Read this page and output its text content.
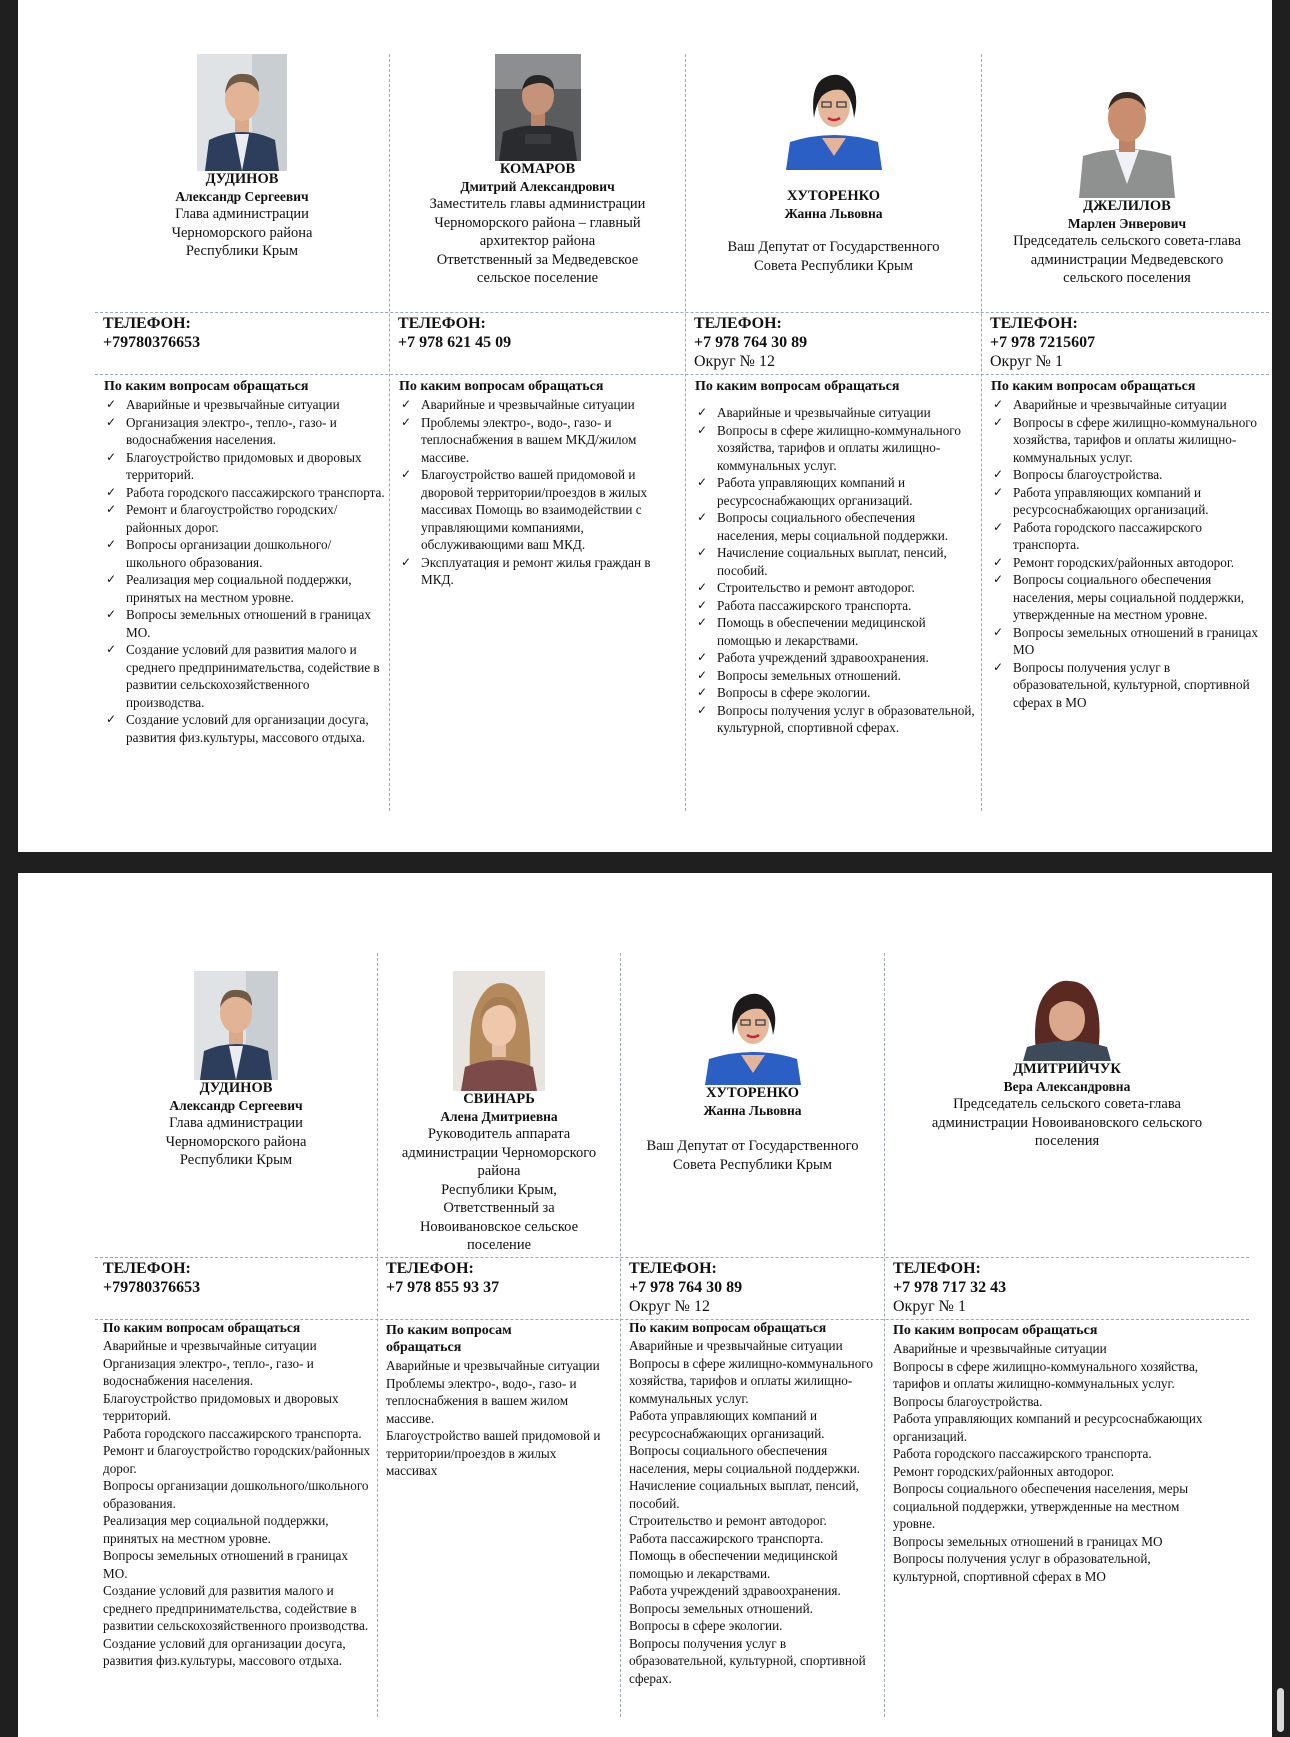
ДУДИНОВ
Александр Сергеевич
Глава администрации
Черноморского района
Республики Крым
ТЕЛЕФОН:
+79780376653
По каким вопросам обращаться
✓ Аварийные и чрезвычайные ситуации
✓ Организация электро-, тепло-, газо- и водоснабжения населения.
✓ Благоустройство придомовых и дворовых территорий.
✓ Работа городского пассажирского транспорта.
✓ Ремонт и благоустройство городских/районных дорог.
✓ Вопросы организации дошкольного/школьного образования.
✓ Реализация мер социальной поддержки, принятых на местном уровне.
✓ Вопросы земельных отношений в границах МО.
✓ Создание условий для развития малого и среднего предпринимательства, содействие в развитии сельскохозяйственного производства.
✓ Создание условий для организации досуга, развития физ.культуры, массового отдыха.
КОМАРОВ
Дмитрий Александрович
Заместитель главы администрации
Черноморского района – главный
архитектор района
Ответственный за Медведевское
сельское поселение
ТЕЛЕФОН:
+7 978 621 45 09
По каким вопросам обращаться
✓ Аварийные и чрезвычайные ситуации
✓ Проблемы электро-, водо-, газо- и теплоснабжения в вашем МКД/жилом массиве.
✓ Благоустройство вашей придомовой и дворовой территории/проездов в жилых массивах Помощь во взаимодействии с управляющими компаниями, обслуживающими ваш МКД.
✓ Эксплуатация и ремонт жилья граждан в МКД.
ХУТОРЕНКО
Жанна Львовна
Ваш Депутат от Государственного
Совета Республики Крым
ТЕЛЕФОН:
+7 978 764 30 89
Округ № 12
По каким вопросам обращаться
✓ Аварийные и чрезвычайные ситуации
✓ Вопросы в сфере жилищно-коммунального хозяйства, тарифов и оплаты жилищно-коммунальных услуг.
✓ Работа управляющих компаний и ресурсоснабжающих организаций.
✓ Вопросы социального обеспечения населения, меры социальной поддержки.
✓ Начисление социальных выплат, пенсий, пособий.
✓ Строительство и ремонт автодорог.
✓ Работа пассажирского транспорта.
✓ Помощь в обеспечении медицинской помощью и лекарствами.
✓ Работа учреждений здравоохранения.
✓ Вопросы земельных отношений.
✓ Вопросы в сфере экологии.
✓ Вопросы получения услуг в образовательной, культурной, спортивной сферах.
ДЖЕЛИЛОВ
Марлен Энверович
Председатель сельского совета-глава
администрации Медведевского
сельского поселения
ТЕЛЕФОН:
+7 978 7215607
Округ № 1
По каким вопросам обращаться
✓ Аварийные и чрезвычайные ситуации
✓ Вопросы в сфере жилищно-коммунального хозяйства, тарифов и оплаты жилищно-коммунальных услуг.
✓ Вопросы благоустройства.
✓ Работа управляющих компаний и ресурсоснабжающих организаций.
✓ Работа городского пассажирского транспорта.
✓ Ремонт городских/районных автодорог.
✓ Вопросы социального обеспечения населения, меры социальной поддержки, утвержденные на местном уровне.
✓ Вопросы земельных отношений в границах МО
✓ Вопросы получения услуг в образовательной, культурной, спортивной сферах в МО
ДУДИНОВ
Александр Сергеевич
Глава администрации
Черноморского района
Республики Крым
ТЕЛЕФОН:
+79780376653
По каким вопросам обращаться
Аварийные и чрезвычайные ситуации
Организация электро-, тепло-, газо- и водоснабжения населения.
Благоустройство придомовых и дворовых территорий.
Работа городского пассажирского транспорта.
Ремонт и благоустройство городских/районных дорог.
Вопросы организации дошкольного/школьного образования.
Реализация мер социальной поддержки, принятых на местном уровне.
Вопросы земельных отношений в границах МО.
Создание условий для развития малого и среднего предпринимательства, содействие в развитии сельскохозяйственного производства.
Создание условий для организации досуга, развития физ.культуры, массового отдыха.
СВИНАРЬ
Алена Дмитриевна
Руководитель аппарата
администрации Черноморского
района
Республики Крым,
Ответственный за
Новоивановское сельское
поселение
ТЕЛЕФОН:
+7 978 855 93 37
По каким вопросам обращаться
Аварийные и чрезвычайные ситуации
Проблемы электро-, водо-, газо- и теплоснабжения в вашем жилом массиве.
Благоустройство вашей придомовой и территории/проездов в жилых массивах
ХУТОРЕНКО
Жанна Львовна
Ваш Депутат от Государственного
Совета Республики Крым
ТЕЛЕФОН:
+7 978 764 30 89
Округ № 12
По каким вопросам обращаться
Аварийные и чрезвычайные ситуации
Вопросы в сфере жилищно-коммунального хозяйства, тарифов и оплаты жилищно-коммунальных услуг.
Работа управляющих компаний и ресурсоснабжающих организаций.
Вопросы социального обеспечения населения, меры социальной поддержки.
Начисление социальных выплат, пенсий, пособий.
Строительство и ремонт автодорог.
Работа пассажирского транспорта.
Помощь в обеспечении медицинской помощью и лекарствами.
Работа учреждений здравоохранения.
Вопросы земельных отношений.
Вопросы в сфере экологии.
Вопросы получения услуг в образовательной, культурной, спортивной сферах.
ДМИТРИЙЧУК
Вера Александровна
Председатель сельского совета-глава
администрации Новоивановского сельского
поселения
ТЕЛЕФОН:
+7 978 717 32 43
Округ № 1
По каким вопросам обращаться
Аварийные и чрезвычайные ситуации
Вопросы в сфере жилищно-коммунального хозяйства, тарифов и оплаты жилищно-коммунальных услуг.
Вопросы благоустройства.
Работа управляющих компаний и ресурсоснабжающих организаций.
Работа городского пассажирского транспорта.
Ремонт городских/районных автодорог.
Вопросы социального обеспечения населения, меры социальной поддержки, утвержденные на местном уровне.
Вопросы земельных отношений в границах МО
Вопросы получения услуг в образовательной, культурной, спортивной сферах в МО
